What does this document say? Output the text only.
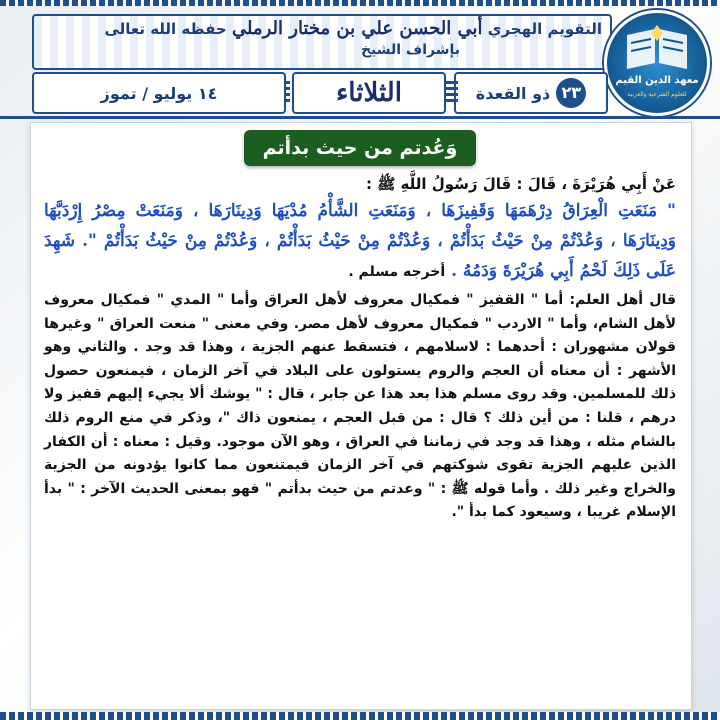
التقويم الهجري أبي الحسن علي بن مختار الرملي حفظه الله تعالى
بإشراف الشيخ
معهد الدين القيم
للعلوم الشرعية والعربية
٢٣
ذو القعدة
الثلاثاء
١٤ يوليو / تموز
وَعُدتم من حيث بدأتم

عَنْ أَبِي هُرَيْرَةَ ، قَالَ : قَالَ رَسُولُ اللَّهِ ﷺ :

" مَنَعَتِ الْعِرَاقُ دِرْهَمَهَا وَقَفِيزَهَا ، وَمَنَعَتِ الشَّأْمُ مُدْيَهَا وَدِينَارَهَا ، وَمَنَعَتْ مِصْرُ إِرْدَبَّهَا وَدِينَارَهَا ، وَعُدْتُمْ مِنْ حَيْثُ بَدَأْتُمْ ، وَعُدْتُمْ مِنْ حَيْثُ بَدَأْتُمْ ، وَعُدْتُمْ مِنْ حَيْثُ بَدَأْتُمْ ". شَهِدَ عَلَى ذَلِكَ لَحْمُ أَبِي هُرَيْرَةَ وَدَمُهُ . أخرجه مسلم .

قال أهل العلم: أما " القفيز " فمكيال معروف لأهل العراق وأما " المدي " فمكيال معروف لأهل الشام، وأما " الاردب " فمكيال معروف لأهل مصر. وفي معنى " منعت العراق " وغيرها قولان مشهوران : أحدهما : لاسلامهم ، فتسقط عنهم الجزية ، وهذا قد وجد . والثاني وهو الأشهر : أن معناه أن العجم والروم يستولون على البلاد في آخر الزمان ، فيمنعون حصول ذلك للمسلمين. وقد روى مسلم هذا بعد هذا عن جابر ، قال : " يوشك ألا يجيء إليهم قفيز ولا درهم ، قلنا : من أين ذلك ؟ قال : من قبل العجم ، يمنعون ذاك "، وذكر في منع الروم ذلك بالشام مثله ، وهذا قد وجد في زماننا في العراق ، وهو الآن موجود. وقيل : معناه : أن الكفار الذين عليهم الجزية تقوى شوكتهم في آخر الزمان فيمتنعون مما كانوا يؤدونه من الجزية والخراج وغير ذلك . وأما قوله ﷺ : " وعدتم من حيث بدأتم " فهو بمعنى الحديث الآخر : " بدأ الإسلام غريبا ، وسيعود كما بدأ ".
